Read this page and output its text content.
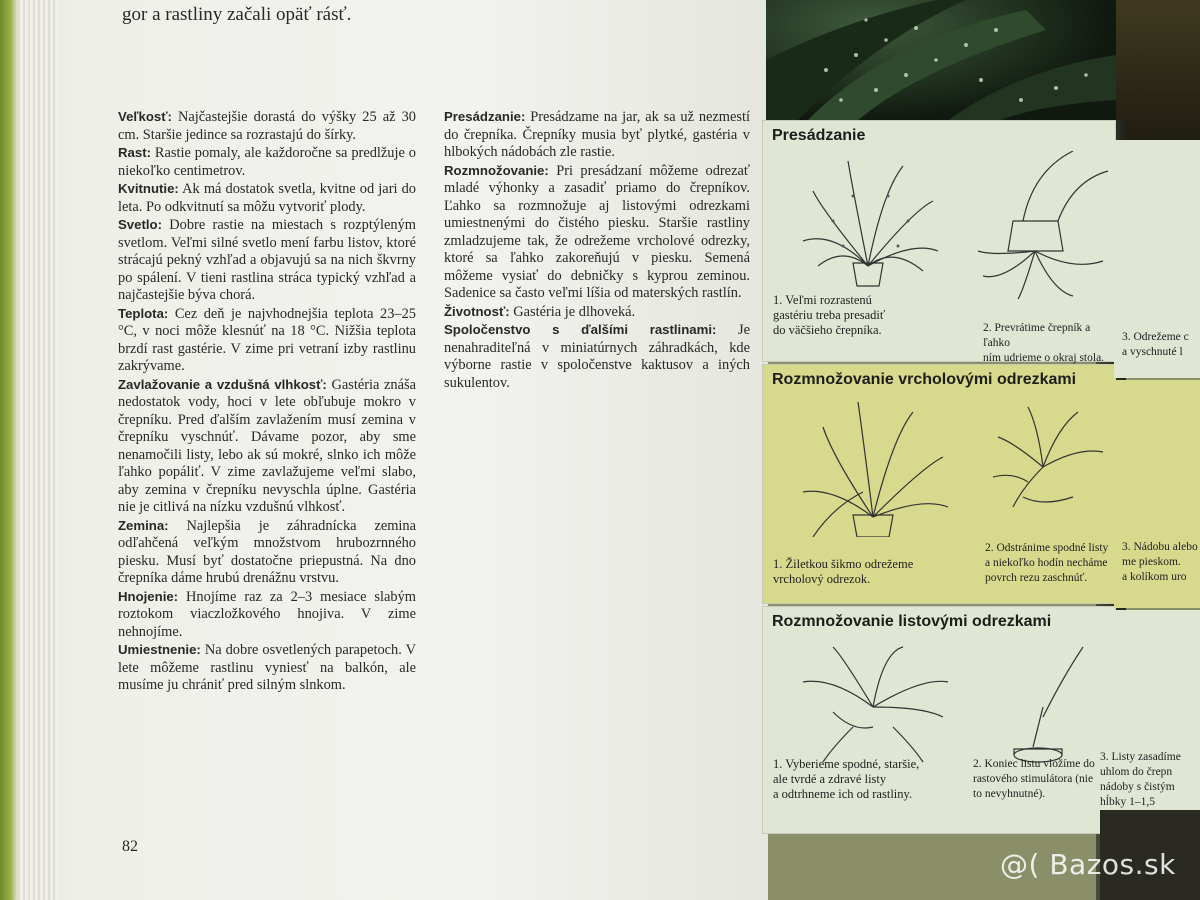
gor a rastliny začali opäť rásť.

Veľkosť: Najčastejšie dorastá do výšky 25 až 30 cm. Staršie jedince sa rozrastajú do šírky.

Rast: Rastie pomaly, ale každoročne sa predlžuje o niekoľko centimetrov.

Kvitnutie: Ak má dostatok svetla, kvitne od jari do leta. Po odkvitnutí sa môžu vytvoriť plody.

Svetlo: Dobre rastie na miestach s rozptýleným svetlom. Veľmi silné svetlo mení farbu listov, ktoré strácajú pekný vzhľad a objavujú sa na nich škvrny po spálení. V tieni rastlina stráca typický vzhľad a najčastejšie býva chorá.

Teplota: Cez deň je najvhodnejšia teplota 23–25 °C, v noci môže klesnúť na 18 °C. Nižšia teplota brzdí rast gastérie. V zime pri vetraní izby rastlinu zakrývame.

Zavlažovanie a vzdušná vlhkosť: Gastéria znáša nedostatok vody, hoci v lete obľubuje mokro v črepníku. Pred ďalším zavlažením musí zemina v črepníku vyschnúť. Dávame pozor, aby sme nenamočili listy, lebo ak sú mokré, slnko ich môže ľahko popáliť. V zime zavlažujeme veľmi slabo, aby zemina v črepníku nevyschla úplne. Gastéria nie je citlivá na nízku vzdušnú vlhkosť.

Zemina: Najlepšia je záhradnícka zemina odľahčená veľkým množstvom hrubozrnného piesku. Musí byť dostatočne priepustná. Na dno črepníka dáme hrubú drenážnu vrstvu.

Hnojenie: Hnojíme raz za 2–3 mesiace slabým roztokom viaczložkového hnojiva. V zime nehnojíme.

Umiestnenie: Na dobre osvetlených parapetoch. V lete môžeme rastlinu vyniesť na balkón, ale musíme ju chrániť pred silným slnkom.

Presádzanie: Presádzame na jar, ak sa už nezmestí do črepníka. Črepníky musia byť plytké, gastéria v hlbokých nádobách zle rastie.

Rozmnožovanie: Pri presádzaní môžeme odrezať mladé výhonky a zasadiť priamo do črepníkov. Ľahko sa rozmnožuje aj listovými odrezkami umiestnenými do čistého piesku. Staršie rastliny zmladzujeme tak, že odrežeme vrcholové odrezky, ktoré sa ľahko zakoreňujú v piesku. Semená môžeme vysiať do debničky s kyprou zeminou. Sadenice sa často veľmi líšia od materských rastlín.

Životnosť: Gastéria je dlhoveká.

Spoločenstvo s ďalšími rastlinami: Je nenahraditeľná v miniatúrnych záhradkách, kde výborne rastie v spoločenstve kaktusov a iných sukulentov.

82
Presádzanie
1. Veľmi rozrastenú
gastériu treba presadiť
do väčšieho črepníka.	2. Prevrátime črepník a ľahko
ním udrieme o okraj stola.
Rozmnožovanie vrcholovými odrezkami
1. Žiletkou šikmo odrežeme
vrcholový odrezok.
2. Odstránime spodné listy
a niekoľko hodín necháme
povrch rezu zaschnúť.
Rozmnožovanie listovými odrezkami
1. Vyberieme spodné, staršie,
ale tvrdé a zdravé listy
a odtrhneme ich od rastliny.
2. Koniec listu vložíme do
rastového stimulátora (nie
to nevyhnutné).
3. Odrežeme c
a vyschnuté l
3. Nádobu alebo
me pieskom.
a kolíkom uro
3. Listy zasadíme
uhlom do črepn
nádoby s čistým
hĺbky 1–1,5
@( Bazos.sk
